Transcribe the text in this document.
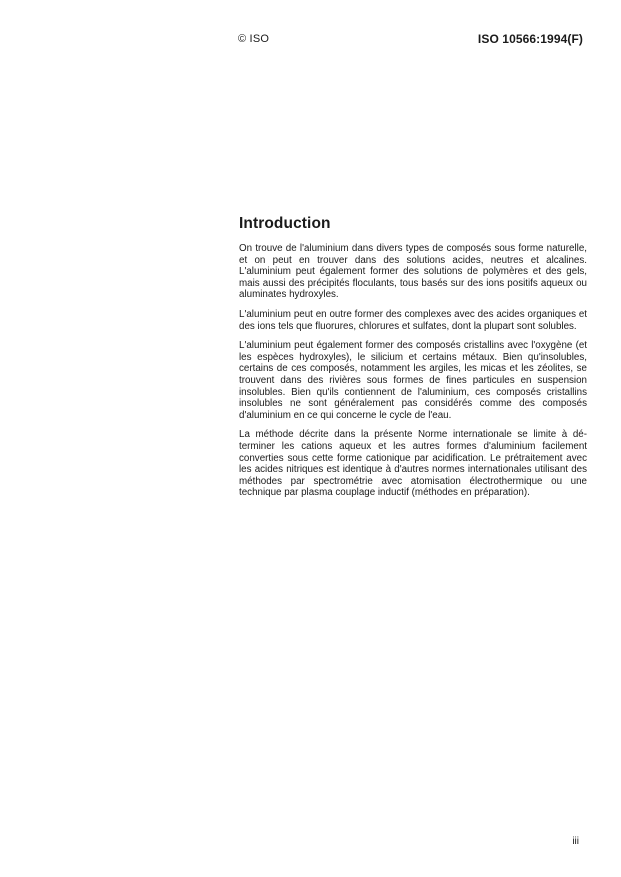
© ISO	ISO 10566:1994(F)
Introduction

On trouve de l'aluminium dans divers types de composés sous forme naturelle, et on peut en trouver dans des solutions acides, neutres et alcalines. L'aluminium peut également former des solutions de polymères et des gels, mais aussi des précipités floculants, tous basés sur des ions positifs aqueux ou aluminates hydroxyles.

L'aluminium peut en outre former des complexes avec des acides organiques et des ions tels que fluorures, chlorures et sulfates, dont la plupart sont solubles.

L'aluminium peut également former des composés cristallins avec l'oxygène (et les espèces hydroxyles), le silicium et certains métaux. Bien qu'insolubles, certains de ces composés, notamment les argiles, les micas et les zéolites, se trouvent dans des rivières sous formes de fines particules en suspension insolubles. Bien qu'ils contiennent de l'aluminium, ces composés cristallins insolubles ne sont généralement pas considérés comme des composés d'aluminium en ce qui concerne le cycle de l'eau.

La méthode décrite dans la présente Norme internationale se limite à déterminer les cations aqueux et les autres formes d'aluminium facilement converties sous cette forme cationique par acidification. Le prétraitement avec les acides nitriques est identique à d'autres normes internationales utilisant des méthodes par spectrométrie avec atomisation électrothermique ou une technique par plasma couplage inductif (méthodes en préparation).

iii
